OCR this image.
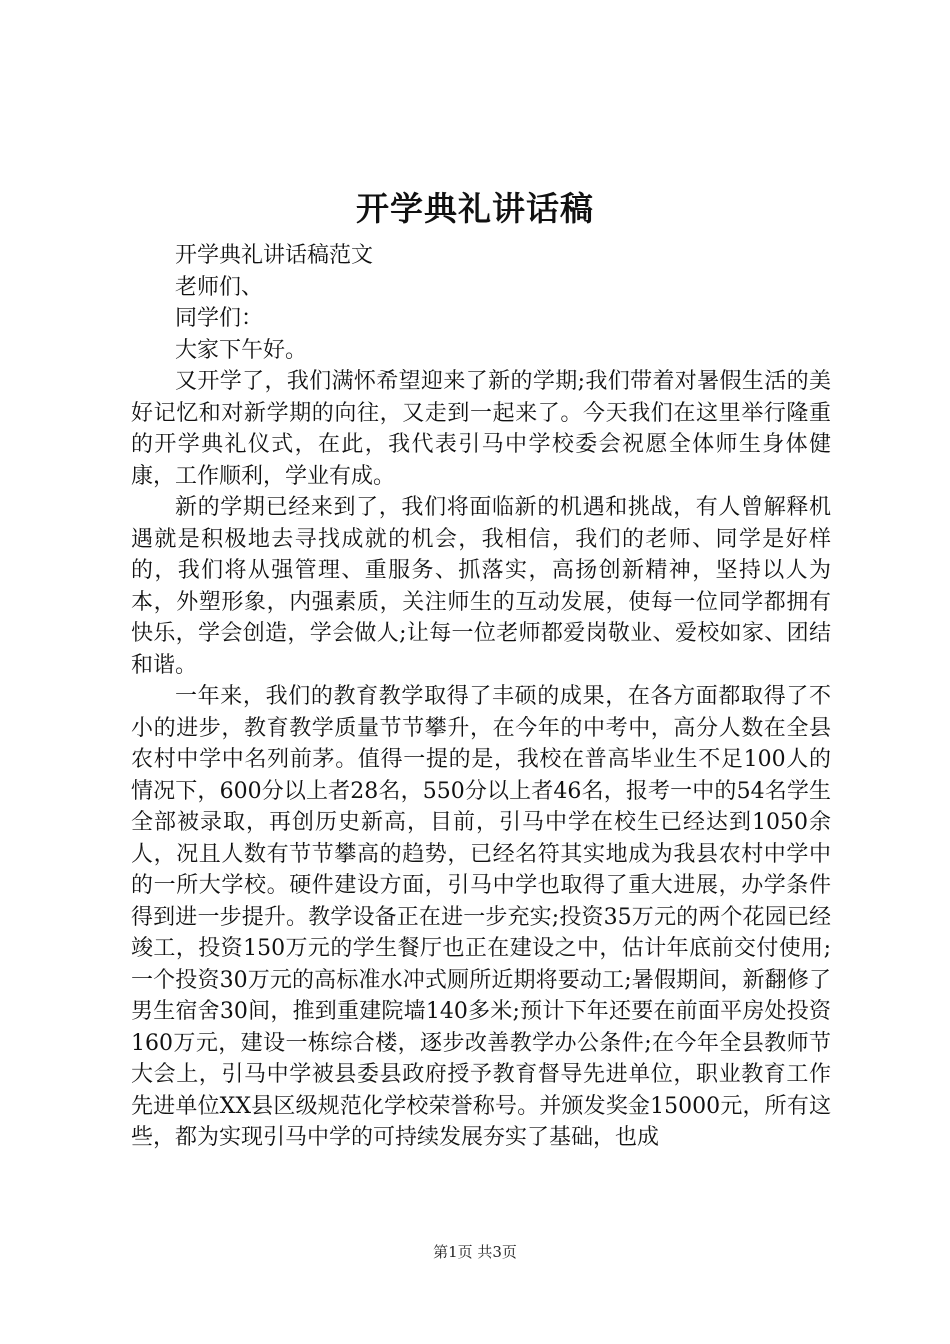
开学典礼讲话稿

开学典礼讲话稿范文

老师们、

同学们：

大家下午好。

又开学了，我们满怀希望迎来了新的学期;我们带着对暑假生活的美好记忆和对新学期的向往，又走到一起来了。今天我们在这里举行隆重的开学典礼仪式，在此，我代表引马中学校委会祝愿全体师生身体健康，工作顺利，学业有成。

新的学期已经来到了，我们将面临新的机遇和挑战，有人曾解释机遇就是积极地去寻找成就的机会，我相信，我们的老师、同学是好样的，我们将从强管理、重服务、抓落实，高扬创新精神，坚持以人为本，外塑形象，内强素质，关注师生的互动发展，使每一位同学都拥有快乐，学会创造，学会做人;让每一位老师都爱岗敬业、爱校如家、团结和谐。

一年来，我们的教育教学取得了丰硕的成果，在各方面都取得了不小的进步，教育教学质量节节攀升，在今年的中考中，高分人数在全县农村中学中名列前茅。值得一提的是，我校在普高毕业生不足100人的情况下，600分以上者28名，550分以上者46名，报考一中的54名学生全部被录取，再创历史新高，目前，引马中学在校生已经达到1050余人，况且人数有节节攀高的趋势，已经名符其实地成为我县农村中学中的一所大学校。硬件建设方面，引马中学也取得了重大进展，办学条件得到进一步提升。教学设备正在进一步充实;投资35万元的两个花园已经竣工，投资150万元的学生餐厅也正在建设之中，估计年底前交付使用;一个投资30万元的高标准水冲式厕所近期将要动工;暑假期间，新翻修了男生宿舍30间，推到重建院墙140多米;预计下年还要在前面平房处投资160万元，建设一栋综合楼，逐步改善教学办公条件;在今年全县教师节大会上，引马中学被县委县政府授予教育督导先进单位，职业教育工作先进单位XX县区级规范化学校荣誉称号。并颁发奖金15000元，所有这些，都为实现引马中学的可持续发展夯实了基础，也成

第1页 共3页
